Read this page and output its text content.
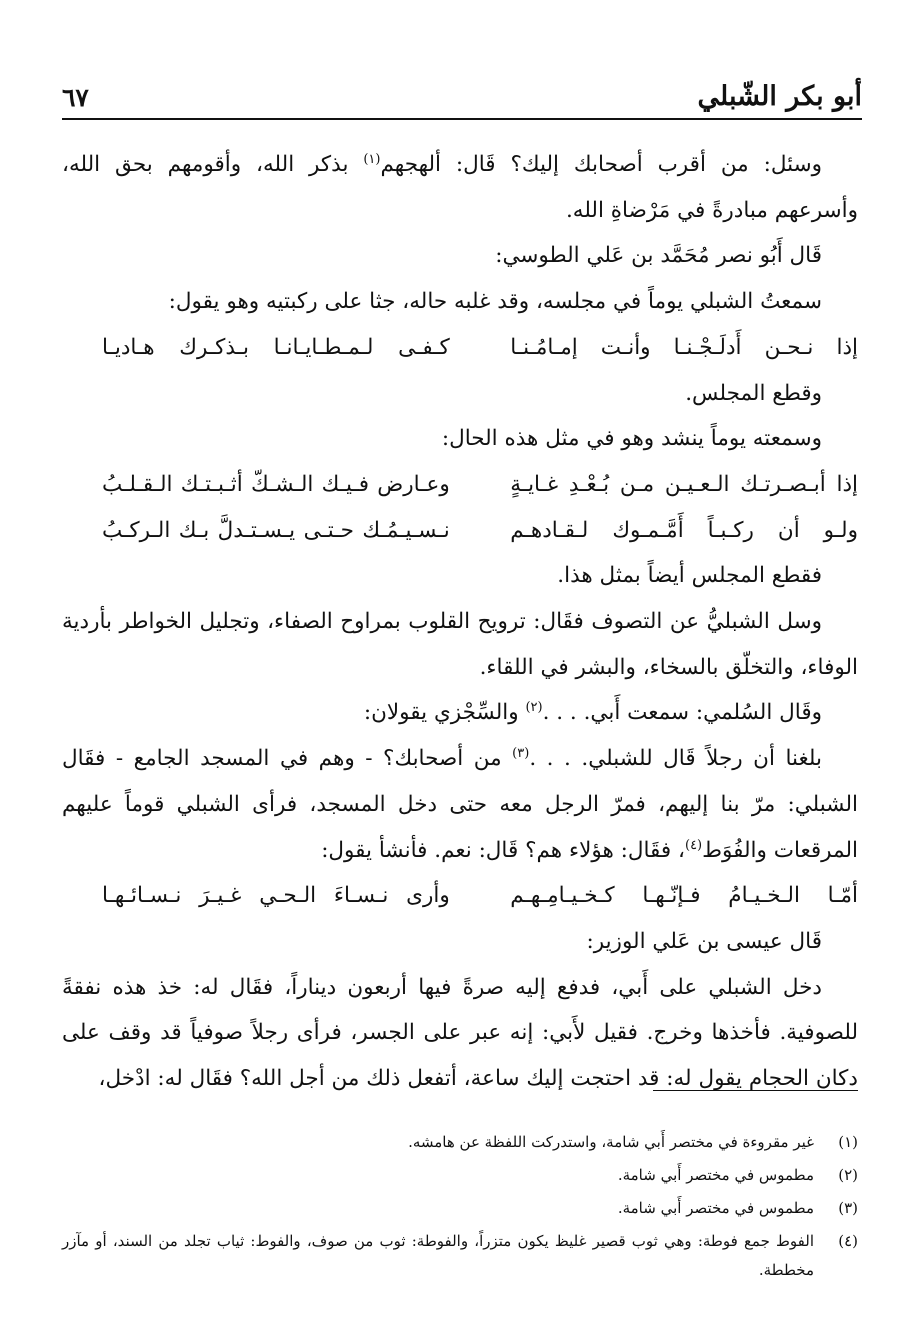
أبو بكر الشّبلي
٦٧

وسئل: من أقرب أصحابك إليك؟ قَال: ألهجهم$^{(١)}$ بذكر الله، وأقومهم بحق الله، وأسرعهم مبادرةً في مَرْضاةِ الله.

قَال أَبُو نصر مُحَمَّد بن عَلي الطوسي:

سمعتُ الشبلي يوماً في مجلسه، وقد غلبه حاله، جثا على ركبتيه وهو يقول:

إذا نـحـن أَدلَـجْـنـا وأنـت إمـامُـنـا
كـفـى لـمـطـايـانـا بـذكـرك هـاديـا

وقطع المجلس.

وسمعته يوماً ينشد وهو في مثل هذه الحال:

إذا أبـصـرتـك الـعـيـن مـن بُـعْـدِ غـايـةٍ
وعـارض فـيـك الـشـكّ أثـبـتـك الـقـلـبُ
ولـو أن ركـبـاً أَمَّـمـوك لـقـادهـم
نـسـيـمُـك حـتـى يـسـتـدلَّ بـك الـركـبُ

فقطع المجلس أيضاً بمثل هذا.

وسل الشبليُّ عن التصوف فقَال: ترويح القلوب بمراوح الصفاء، وتجليل الخواطر بأردية الوفاء، والتخلّق بالسخاء، والبشر في اللقاء.

وقَال السُلمي: سمعت أَبي. . . .$^{(٢)}$ والسِّجْزي يقولان:

بلغنا أن رجلاً قَال للشبلي. . . .$^{(٣)}$ من أصحابك؟ - وهم في المسجد الجامع - فقَال الشبلي: مرّ بنا إليهم، فمرّ الرجل معه حتى دخل المسجد، فرأى الشبلي قوماً عليهم المرقعات والفُوَط$^{(٤)}$، فقَال: هؤلاء هم؟ قَال: نعم. فأنشأ يقول:

أمّـا الـخـيـامُ فـإنّـهـا كـخـيـامِـهـم
وأرى نـسـاءَ الـحـي غـيـرَ نـسـائـهـا

قَال عيسى بن عَلي الوزير:

دخل الشبلي على أَبي، فدفع إليه صرةً فيها أربعون ديناراً، فقَال له: خذ هذه نفقةً للصوفية. فأخذها وخرج. فقيل لأَبي: إنه عبر على الجسر، فرأى رجلاً صوفياً قد وقف على دكان الحجام يقول له: قد احتجت إليك ساعة، أتفعل ذلك من أجل الله؟ فقَال له: ادْخل،

(١)
غير مقروءة في مختصر أَبي شامة، واستدركت اللفظة عن هامشه.
(٢)
مطموس في مختصر أَبي شامة.
(٣)
مطموس في مختصر أَبي شامة.
(٤)
الفوط جمع فوطة: وهي ثوب قصير غليظ يكون متزراً، والفوطة: ثوب من صوف، والفوط: ثياب تجلد من السند، أو مآزر مخططة.
